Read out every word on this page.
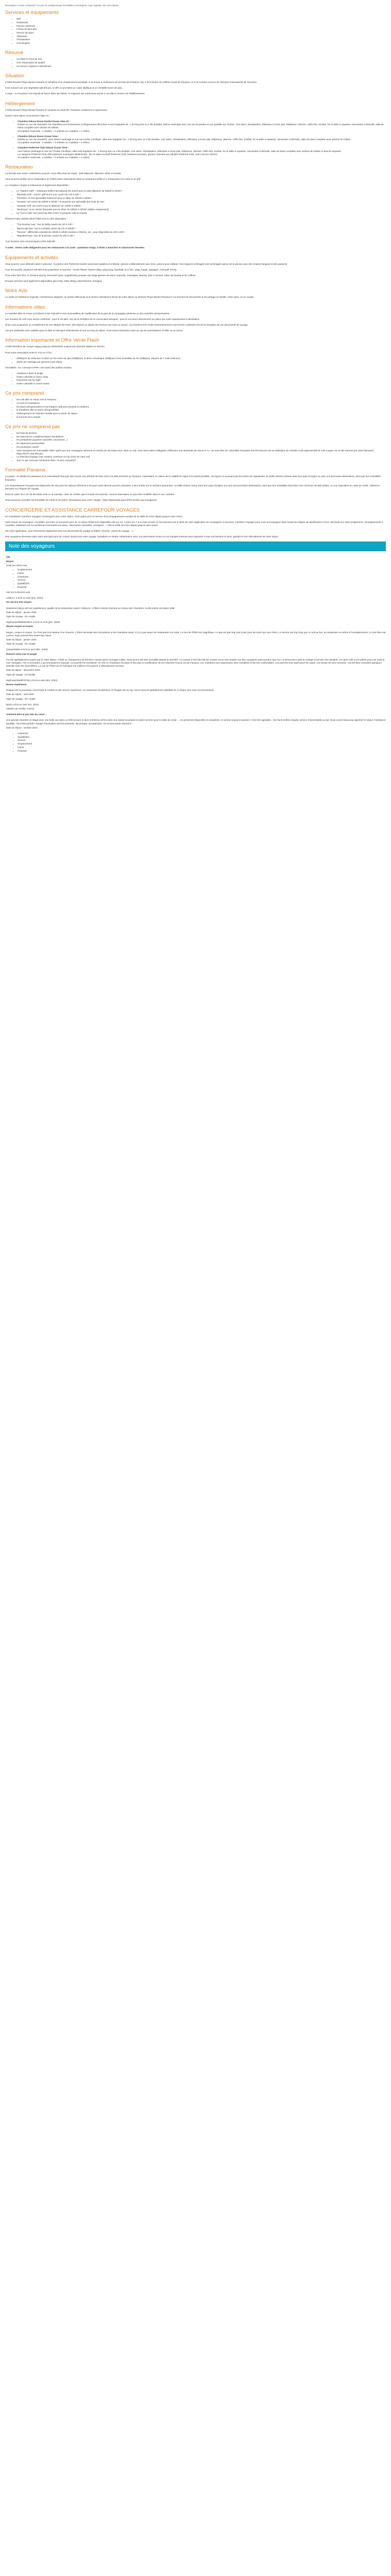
Description Ce prix comprend / Ce prix ne comprend pas Formalités Conciergerie Logo Vignette Voir Avis Clients
Services et équipements
• Wifi
• Restaurant
• Piscine extérieure
• Centre de bien-être
• Service de sport
• Télévision
• Climatisation
• Conciergerie
Résumé
• Un hôtel en front de mer
• Une restauration de qualité
• Un service original et attentionné
Situation

L'hôtel Dreams Playa Bonita Panama 5* bénéficie d'un emplacement privilégié. Il se trouve à seulement 20 minutes de Panama City, à 30 minutes du célèbre Canal de Panama, et à 40 minutes environ de l'aéroport international de Tocumen.

Il est entouré par une végétation généreuse, et offre à ses hôtes un cadre idyllique et un véritable havre de paix.

A noter : Au Panama il est interdit de fumer dans les hôtels, ce espaces est notamment pointu à cet effet à l'entrée de l'établissement.

Hébergement

L'hôtel Dreams Playa Bonita Panama 5* propose au total 307 chambres modernes et spacieuses.

Durant votre séjour vous pourrez loger en :

• Chambre Deluxe Room Partial Ocean View 3C :
Dotées ou non de chaussés, les chambres sont lumineuses et élégamment décorées et sont équipées de : 1 lit King size ou 2 lits doubles, balcon aménagé avec vue sur les jardins et vue partielle sur l'océan, coin salon, climatisation, télévision à écran plat, téléphone, internet, coffre-fort, minibar, fer et table à repasser, nécessaire à thé/café, salle de bains complète avec articles de toilette.
Occupation maximale : 2 adultes + 2 enfants ou 3 adultes + 1 enfant.
• Chambre Deluxe Room Ocean View :
Dotées ou non de chaussés, avec balcon aménagé et vue sur l'océan Pacifique, elles sont équipées de : 1 lit King size ou 2 lits doubles, coin salon, climatisation, télévision à écran plat, téléphone, internet, coffre-fort, minibar, fer et table à repasser, nécessaire à thé/café, salle de bains complète avec articles de toilette.
Occupation maximale : 2 adultes + 2 enfants ou 3 adultes + 1 enfant.
• Chambre Preferred Club Deluxe Ocean View :
Avec balcon aménagé et vue sur l'Océan Pacifique, elles sont équipées de : 1 lit King size ou 2 lits doubles, coin salon, climatisation, télévision à écran plat, téléphone, internet, coffre-fort, minibar, fer et table à repasser, nécessaire à thé/café, salle de bains complète avec articles de toilette et douche séparée.
La catégorie Preferred Club offre plusieurs avantages additionnels : bar et salon exclusif Preferred Club, boissons premium, piscine réservée aux adultes Preferred Club, room service 24H/24.
Occupation maximale : 2 adultes + 2 enfants ou 3 adultes + 1 enfant.
Restauration

La formule tout inclus «Unlimited-Luxury®» vous offre tous les repas : petit déjeuner, déjeuner, dîner et snacks.

Vous pourrez profiter de la restauration de l'hôtel (sans réservation) ainsi un restaurant buffet et 4 restaurants à la carte et un grill.

Le complexe compte 6 restaurants et également disponibles :

• Le "Market Café" : restaurant buffet international est ouvert pour le petit déjeuner de 06h00 à 11h00 *.
• "Bambaii Grill" : snack / grill tout le jour ouvert de 12h à 18h *.
• "Portofino" et ses spécialités italiennes pour le dîner de 18h00 à 22h00 *.
• "Oceana" est ouvert de 18h30 à 22h30 * et propose une spécialité des fruits de mer.
• "Seaside Grill" est ouvert pour le déjeuner de 12h00 à 16h00 *.
• "Bordeaux" et sa cuisine française pour le dîner de 18h30 à 22h30* (tables uniquement).
• Le "Coco Café" est ouvert de 06h à 01h* et propose café et snacks.

Plusieurs bars répartis dans l'hôtel sont à votre disposition :

• "The Rooster way", bar du lobby ouvert de 11h à 23h *.
• "Barracuda Bar", bar à cocktails ouvert de 11h à 23h00 *.
• "Desires", différentes activités de 19h00 à 23h00 (soirées à thème), etc., pour disponible de 22h à 01h*.
• "Manatees Bar", bar de la piscine ouvert de 10h à 18h *.

*Les horaires sont communiqués à titre indicatif.

A noter : Dress code obligatoire pour les restaurants à la carte : pantalons longs, t-shirts à manches et chaussures fermées.

Equipements et activités

Vous pourrez vous détendre dans 3 piscines : la piscine des Preferred Guests seulement (adultes et enfants), piscine à débordement avec bras, piscine pour enfants. Des espaces ombragés sont aménagés autour de la piscine avec des chaises longues et des parasols.

Pour les sportifs, plusieurs activités sont proposées en journée : centre fitness, beach-volley, ping-pong, baseball, tir à l'arc, yoga, kayak, aquagym, mini-golf, tennis.

Pour votre bien-être, le Dreams Spa by Pevonia® (avec supplément) propose une large gamme de soins corporels, massages, saunas, bain à remous, salon de beauté et de coiffure.

Douane services sont également disponibles (jacuzzis), baby-sitting, blanchisserie, boutique.

Notre Avis

Le cadre et l'ambiance tropicale, l'architecture élégante, la cuisine délicieuse et le service attentionné feront de votre séjour au Dreams Playa Bonita Panama 5* un moment de découverte et de partage en famille, entre amis, ou en couple.

Informations utiles

Le transfert aller ou retour sont libres à titre indicatif et sont susceptibles de modification de la part de la compagnie aérienne ou des autorités aéroportuaires.

Les horaires de vols vous seront confirmés : pour le vol aller, lors de la réception de la convocation aéroport ; pour le vol retour directement sur place par notre représentant à destination.

Nous vous proposons un complément de vos départs de Paris, des séjours au départ de Province (en train ou avion). Les horaires et le mode d'acheminement vous seront confirmés lors de la réception de vos documents de voyage.

Les prix présentés sont valables pour la date et l'aéroport sélectionnés et tout au long du séjour. Vous serez informé(e) notre au cas de perturbations à l'aller ou au retour.

Information importante et Offre Vente Flash

L'hôtel bénéficie de covoyé Happy jusqu'au 25/03/2024 uniquement (Dernier départ en Poche).

Pour toute réservation entre le 1/12 et 17/12 :

• 250€/pers de réduction à valoir sur les soins du spa (100$/pax), le dîner romantique (40$/pax) et les bouteilles de vin (40$/pax). Séjours de 7 nuits minimum.
• 25min de massage par personne par séjour

Formalités : Ex. concept KAPPA c'est aussi des petites remises :

• Assistance dans la jungle
• Sortie culturelle à Casco Viejo
• Panorama city by night
• Sortie culturelle à Canal Amara
Ce prix comprend
• les vols aller et retour vers le Panama
• Accueil et l'assistance
• les taxes aéroportuaires et surcharges carburant (soumis à variation)
• le transferts aller et retour aéroport/hôtel
• l'hébergement en chambre double pour la durée du séjour
• la formule tout compris
Ce prix ne comprend pas
• les frais de devises
• les assurances complémentaires facultatives
• les prestations payantes (activités, excursions...)
• les dépenses personnelles
• les pourboires usuels
• Votre transport est susceptible d'être opéré par une compagnie aérienne en transit par les Etats-Unis, dans ce cas, vous serez dans l'obligation d'effectuer une demande de visa E.S.T.A. (si vous êtes de nationalité française) EN FRANÇAIS est sa réalisation de ministre (coût approximatif de 13€ à payer sur le site internet par carte bancaire): https://ESTA.cbp.dhs.gov
• La franchise bagage (voir mention contenue sur du choix de votre vol)
• Tout ce qui n'est pas mentionné dans "ce prix comprend"
Formalité Panama

Le passe : la validité du passeport d'un ressortissant français doit couvrir une période de trois mois à la date d'arrivée au Panama. Cependant, en raison de la validité du trajet et le transit possible, ces lignes ne pouvant pas les sortes de régularisée, se deliré doivent mêmes dans leur pays d'origine ou vers une prochaine destination), ainsi que leur solvabilité financière.

Les ressortissants Français sont dispensés de visa pour les séjours inférieurs à 90 jours mais devront pouvoir présenter, à leur entrée sur le territoire panaméen, un billet d'avion retour dans leur pays d'origine (ou vers une prochaine destination), ainsi que leur solvabilité financière d'un minimum de 500 dollars, ou son équivalent en carte de crédit ; référence bancaire ou chèques de voyage.

Dans le cadre d'un vol via les Etats-Unis ou le Canada, merci de vérifier que le transit est autorisé. Aucune réservation ne peut être modifiée dans le cas contraire.

Nous pouvons consulter les formalités de santé et de police nécessaires pour votre voyage : https://diplomatie.gouv.fr/fr/conseils-aux-voyageurs/

CONCIERGERIE ET ASSISTANCE CARREFOUR VOYAGES

En choisissant Carrefour Voyages Conciergerie pour votre séjour, vous optez pour un service d'accompagnement complet de la veille de votre départ jusqu'à votre retour.

Votre besoin de renseigner, conseiller, peut-être et trouveurs pour de ce séjour l'hôtel sont disponible 24h sur 24, 7 jours sur 7 et à votre écoute en fonctionnant par le biais de notre application de messagerie et services. Carrefour Voyages pour vous accompagner dans toutes les étapes de planification et tout, demande sur votre programme, renseignements à consulter, saisissent sur les problèmes rencontrés sur place, réservation d'activités, consignes... ) dès la veille de votre départ jusqu'à votre retour.

Via votre application, vous retrouverez également tous vos documents de voyage (e-billets, voucher, carnet de voyage, ...).

Des voyageurs devenant alors votre principal point de contact durant tout votre voyage, travaillant en étroite collaboration avec nos partenaires locaux et nos équipes internes pour répondre à tous vos besoins et ainsi, garantir le bon déroulement de votre séjour.

Note des voyageurs
3,6
Moyen

(noté sur 40/14 Avis

• Emplacement
• Literie
• Chambres
• Service
• Qualité/prix
• Propreté

Voir les 5 derniers avis

Céline C a écrit un avis (juin. 2024)

Un service très moyen

Seulement déçue de nos expériences, qualité de la restauration assez médiocre. L'hôtel a besoin d'amour au niveau des chambres, la décoration est assez pâle.

Date du séjour : janvier 2024

Type de voyage : En couple

Sighman(286800010574 a écrit un avis (juin. 2024)

Moyen moyen et moyen

Moyen, moyen et moyen. Ce n'est pas à la hauteur d'un Dreams. L'hôtel nécessite des rénovations et les chambres aussi. Il n'y a pas assez de restaurants à la carte. Le tout de l'hôtel est magnifique. Le spa est pas trop mal à part pour les soins qui sont chers. Le service est trop long que ce soit au bar, au restaurant ou même à l'enregistrement. Le tour-fleur est correct, mais pourrait être beaucoup mieux.

Date du séjour : janvier 2024

Type de voyage : En couple

Gulaam8660 a écrit un avis (déc. 2023)

Ressort entre mer et jungle

J'ai été agréablement surpris par le notre séjour. C'était un changement de dernière minute après l'ouragan Lidian. Nous avons été bien accueillis depuis le transfert. Le transat a très bien fait les choses car je suis tombée sur des voyageurs aussi perdus que moi. Le personnel a pris en charge à l'arrivée très aimable. Les gens s'ils ont le plaisir pour moi Gael et mon Yamigela. J'en ai rencontré 2 qui envoyaient le français. La tourelle est excellente, on s'ils ne choisissez les plats et des plus à modificatrice de les marchés Pianos ont du Panama. Les chambres sont spacieuses, bien meublées et lits très confortables. Les piscines sont aussi pour les repas. Les temps de sont correctes. J'ai été bien mesurées quelques activités sont très diversifiées. La vue de l'hôtel sur le Pacifique est sublime et la piscine à débordement est bien.

Date du séjour : décembre 2023

Type de voyage : En famille

Sighman(3940675738 a écrit un avis (déc. 2022)

Bonne expérience

Respect de la promesse concernant le confort et des service supérieurs. Le restaurant est délicieux et l'équipe est au top. Nous sommes globalement satisfaits de ce séjour que nous recommandons.

Date du séjour : avril 2022

Type de voyage : En couple

kpolit a écrit un avis (oct. 2021)

Validée par Vivelle, France

Vraiment bien et pas loin du canal ...

Une grande chambre en étage avec une belle vue dans un hôtel propre et bien entretenu même dans une nature luxuriante et assez proche pour la visite du canal ... Un personnel disponible et compétent, et surtout toujours souriant ! C'est très agréable... De bons buffets chauds, service irréprochable au bar. Nous avons beaucoup apprécié le séjour, l'ambiance familiale. Tout était parfait! L'équipe d'animation est très présente, dynamique, sympathique. On recommande vivement !

Date du séjour : octobre 2019

• Chambres
• Qualité/prix
• Service
• Emplacement
• Literie
• Propreté
